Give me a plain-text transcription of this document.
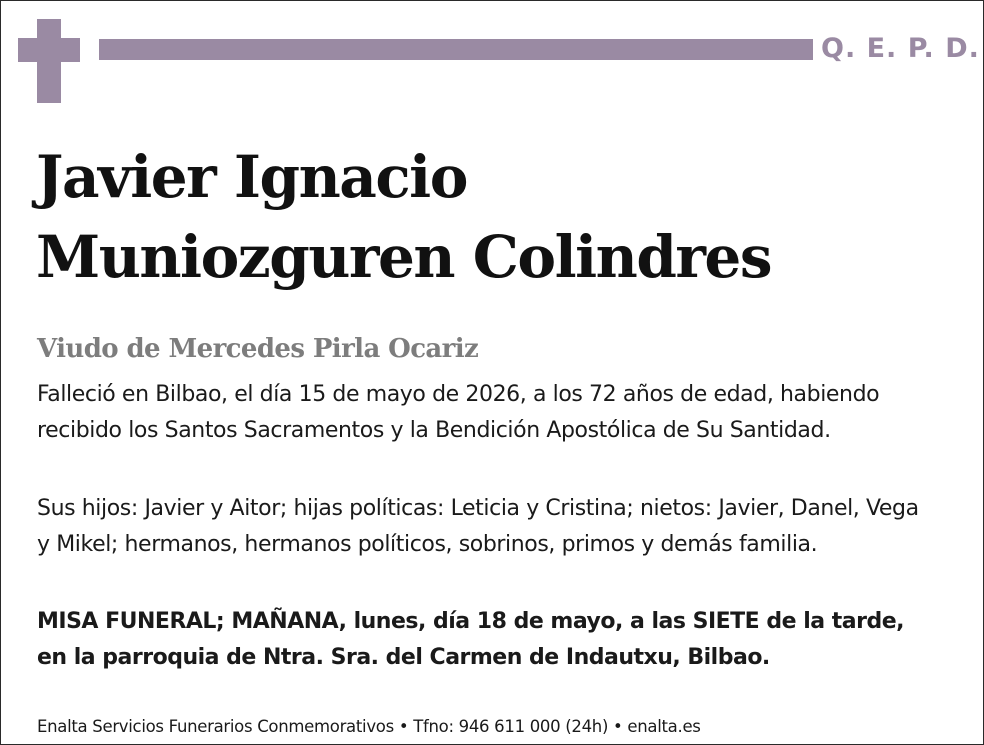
Q. E. P. D.
Javier Ignacio
Muniozguren Colindres
Viudo de Mercedes Pirla Ocariz
Falleció en Bilbao, el día 15 de mayo de 2026, a los 72 años de edad, habiendo recibido los Santos Sacramentos y la Bendición Apostólica de Su Santidad.
Sus hijos: Javier y Aitor; hijas políticas: Leticia y Cristina; nietos: Javier, Danel, Vega y Mikel; hermanos, hermanos políticos, sobrinos, primos y demás familia.
MISA FUNERAL; MAÑANA, lunes, día 18 de mayo, a las SIETE de la tarde, en la parroquia de Ntra. Sra. del Carmen de Indautxu, Bilbao.
Enalta Servicios Funerarios Conmemorativos • Tfno: 946 611 000 (24h) • enalta.es
